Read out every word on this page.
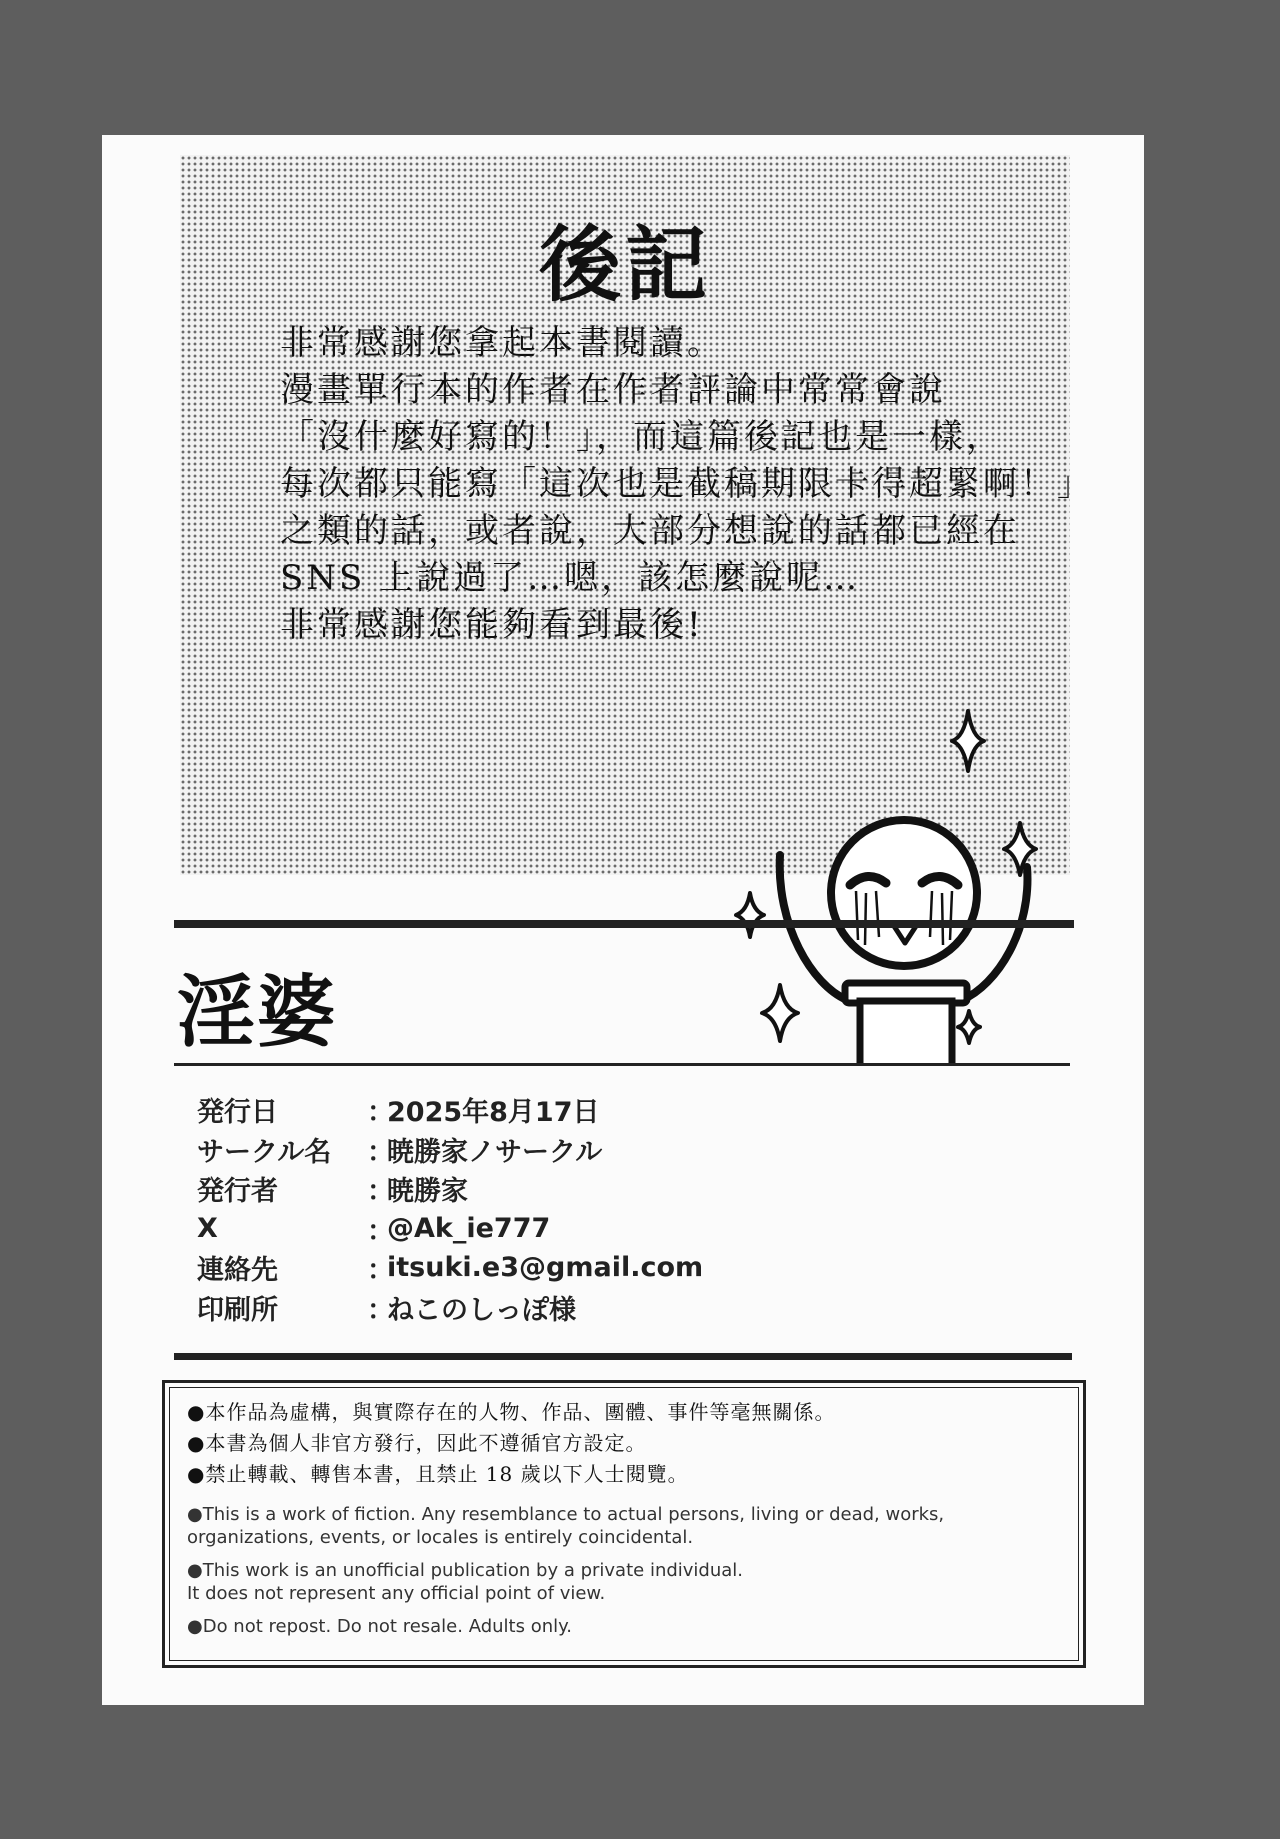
後記
非常感謝您拿起本書閱讀。
漫畫單行本的作者在作者評論中常常會說
「沒什麼好寫的！」，而這篇後記也是一樣，
每次都只能寫「這次也是截稿期限卡得超緊啊！」
之類的話，或者說，大部分想說的話都已經在
SNS 上說過了…嗯，該怎麼說呢…
非常感謝您能夠看到最後!
淫婆
発行日	：
2025年8月17日
サークル名	：
暁勝家ノサークル
発行者	：
暁勝家
X	：
@Ak_ie777
連絡先	：
itsuki.e3@gmail.com
印刷所	：
ねこのしっぽ様
●本作品為虛構，與實際存在的人物、作品、團體、事件等毫無關係。
●本書為個人非官方發行，因此不遵循官方設定。
●禁止轉載、轉售本書，且禁止 18 歲以下人士閱覽。
●This is a work of fiction. Any resemblance to actual persons, living or dead, works,
organizations, events, or locales is entirely coincidental.
●This work is an unofficial publication by a private individual.
It does not represent any official point of view.
●Do not repost. Do not resale. Adults only.
